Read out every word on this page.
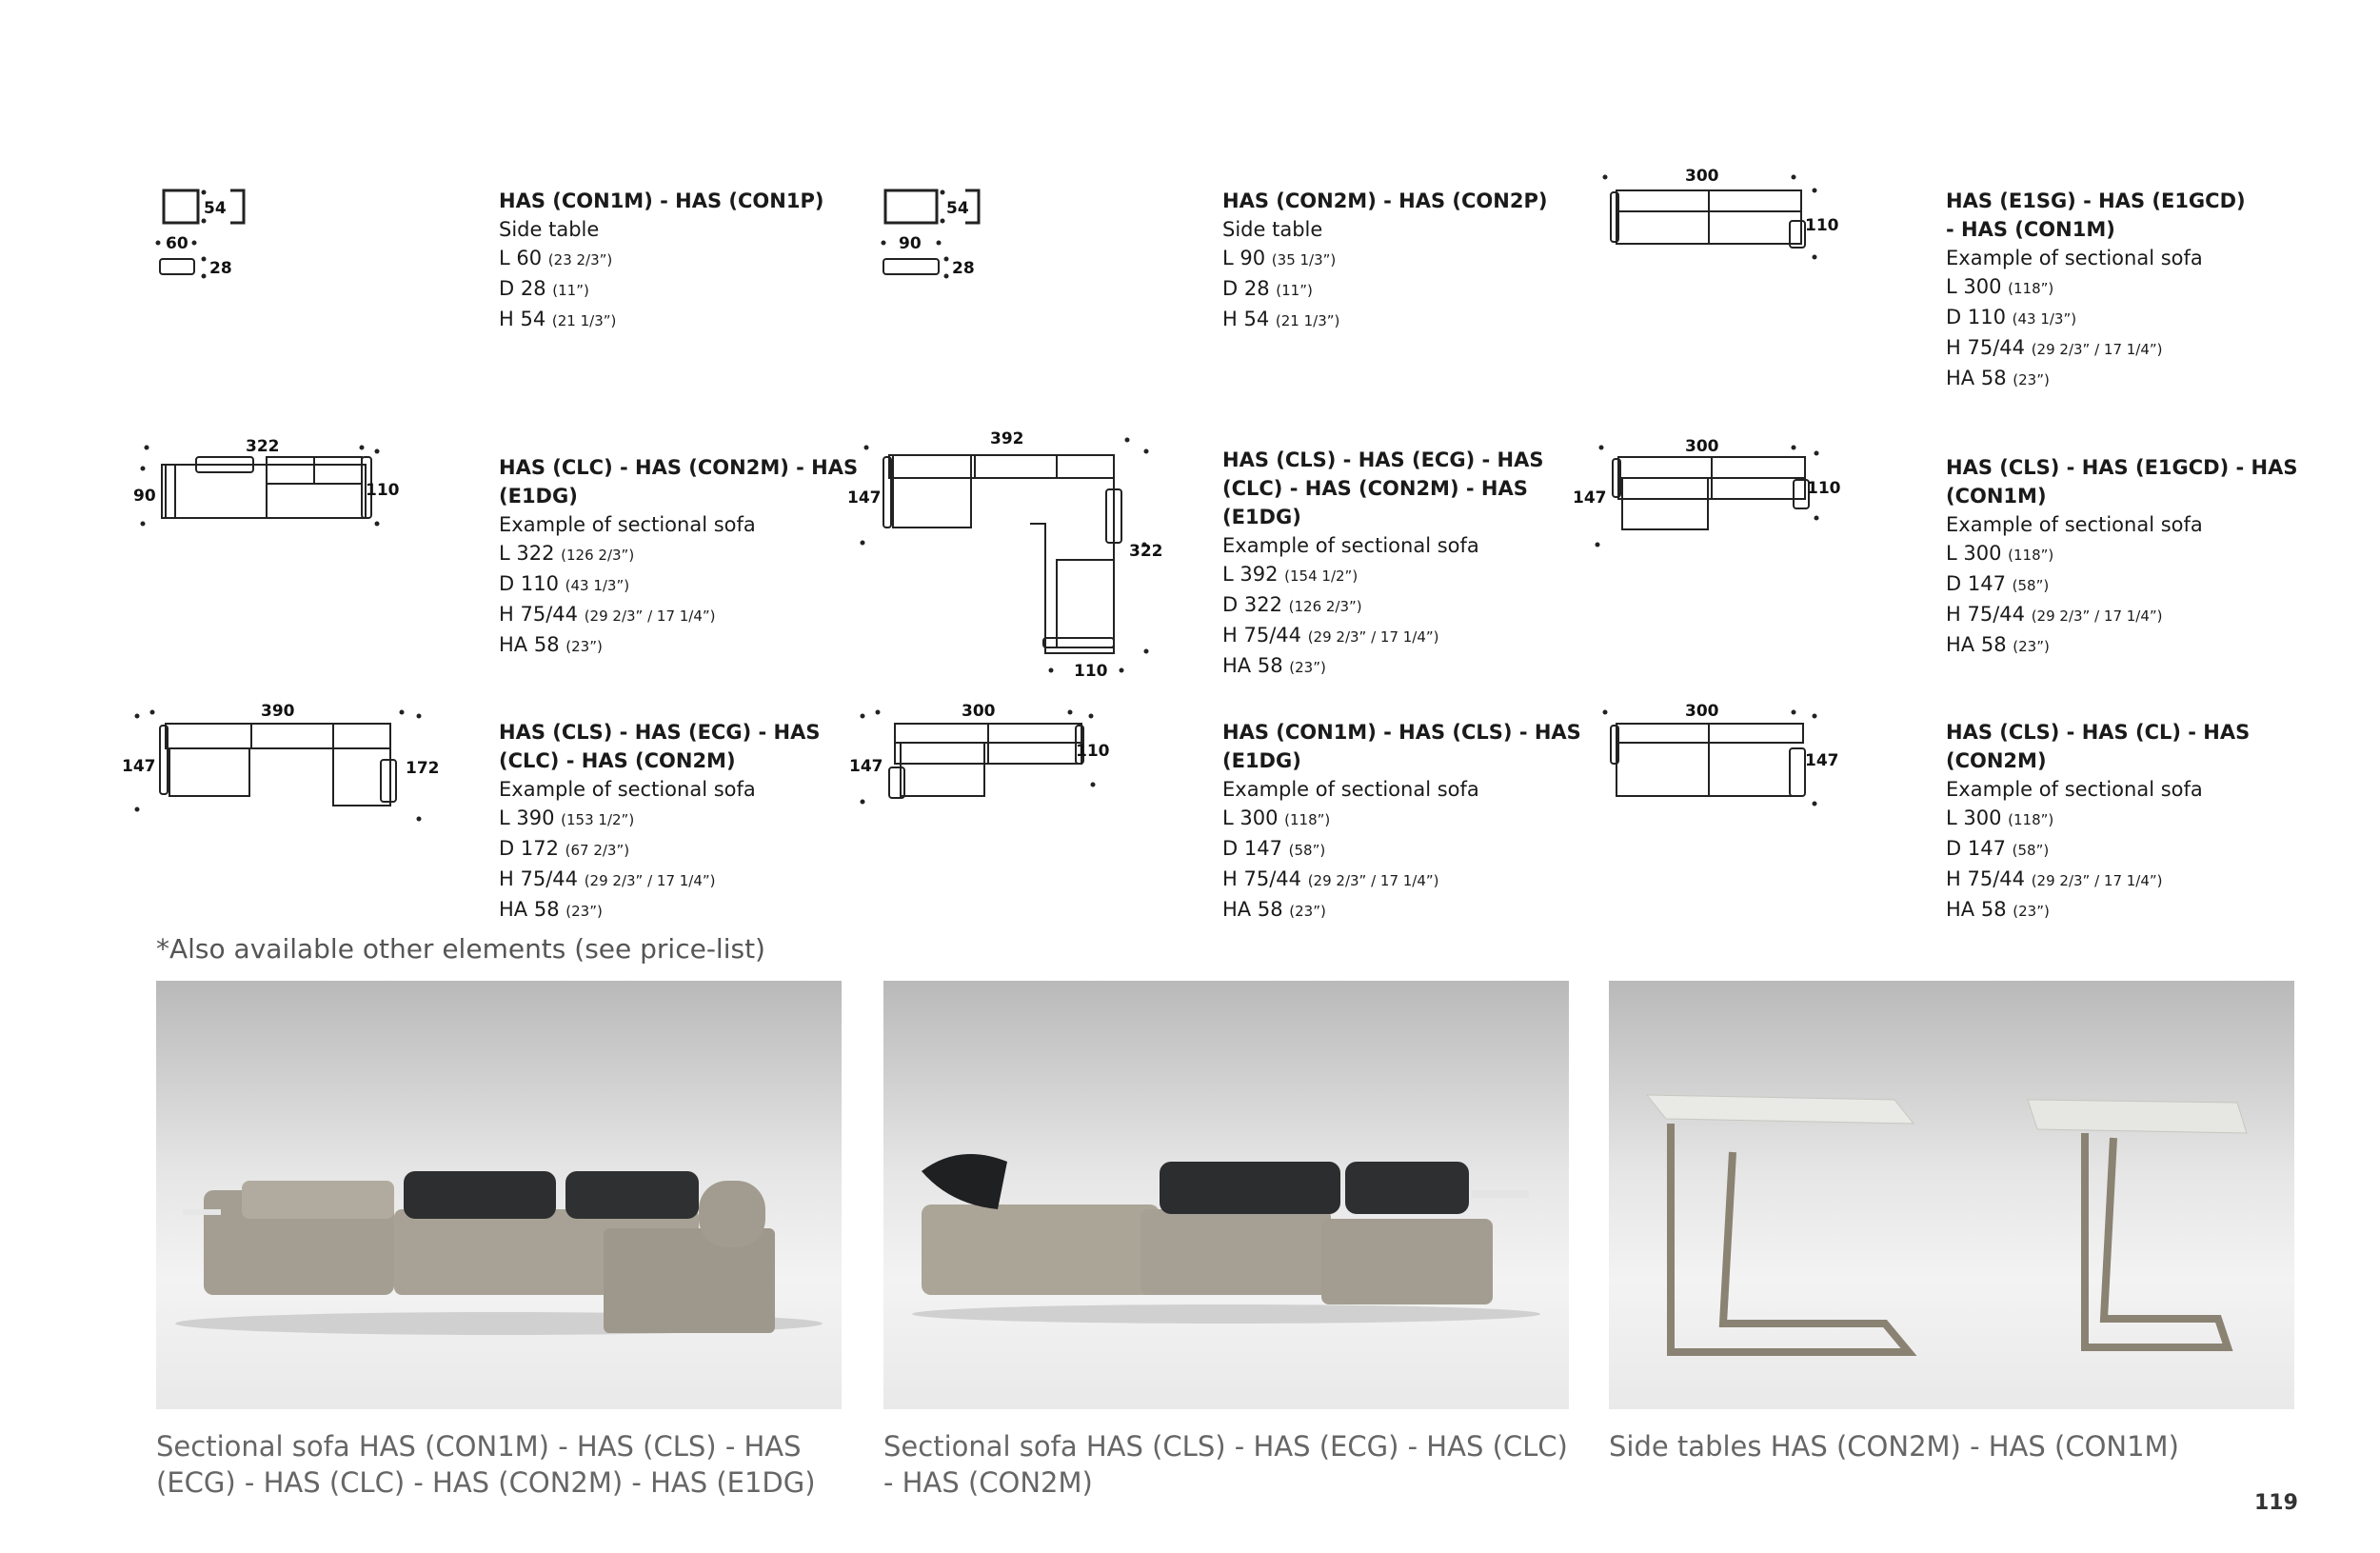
54
60
28
HAS (CON1M) - HAS (CON1P)
Side table
L 60 (23 2/3”)
D 28 (11”)
H 54 (21 1/3”)
54
90
28
HAS (CON2M) - HAS (CON2P)
Side table
L 90 (35 1/3”)
D 28 (11”)
H 54 (21 1/3”)
300
110
HAS (E1SG) - HAS (E1GCD) - HAS (CON1M)
Example of sectional sofa
L 300 (118”)
D 110 (43 1/3”)
H 75/44 (29 2/3” / 17 1/4”)
HA 58 (23”)
322
90	110
HAS (CLC) - HAS (CON2M) - HAS (E1DG)
Example of sectional sofa
L 322 (126 2/3”)
D 110 (43 1/3”)
H 75/44 (29 2/3” / 17 1/4”)
HA 58 (23”)
392
147
322
110
HAS (CLS) - HAS (ECG) - HAS (CLC) - HAS (CON2M) - HAS (E1DG)
Example of sectional sofa
L 392 (154 1/2”)
D 322 (126 2/3”)
H 75/44 (29 2/3” / 17 1/4”)
HA 58 (23”)
300
147	110
HAS (CLS) - HAS (E1GCD) - HAS (CON1M)
Example of sectional sofa
L 300 (118”)
D 147 (58”)
H 75/44 (29 2/3” / 17 1/4”)
HA 58 (23”)
390
147	172
HAS (CLS) - HAS (ECG) - HAS (CLC) - HAS (CON2M)
Example of sectional sofa
L 390 (153 1/2”)
D 172 (67 2/3”)
H 75/44 (29 2/3” / 17 1/4”)
HA 58 (23”)
300
147
110
HAS (CON1M) - HAS (CLS) - HAS (E1DG)
Example of sectional sofa
L 300 (118”)
D 147 (58”)
H 75/44 (29 2/3” / 17 1/4”)
HA 58 (23”)
300
147
HAS (CLS) - HAS (CL) - HAS (CON2M)
Example of sectional sofa
L 300 (118”)
D 147 (58”)
H 75/44 (29 2/3” / 17 1/4”)
HA 58 (23”)
*Also available other elements (see price-list)
Sectional sofa HAS (CON1M) - HAS (CLS) - HAS (ECG) - HAS (CLC) - HAS (CON2M) - HAS (E1DG)
Sectional sofa HAS (CLS) - HAS (ECG) - HAS (CLC) - HAS (CON2M)
Side tables HAS (CON2M) - HAS (CON1M)
119
